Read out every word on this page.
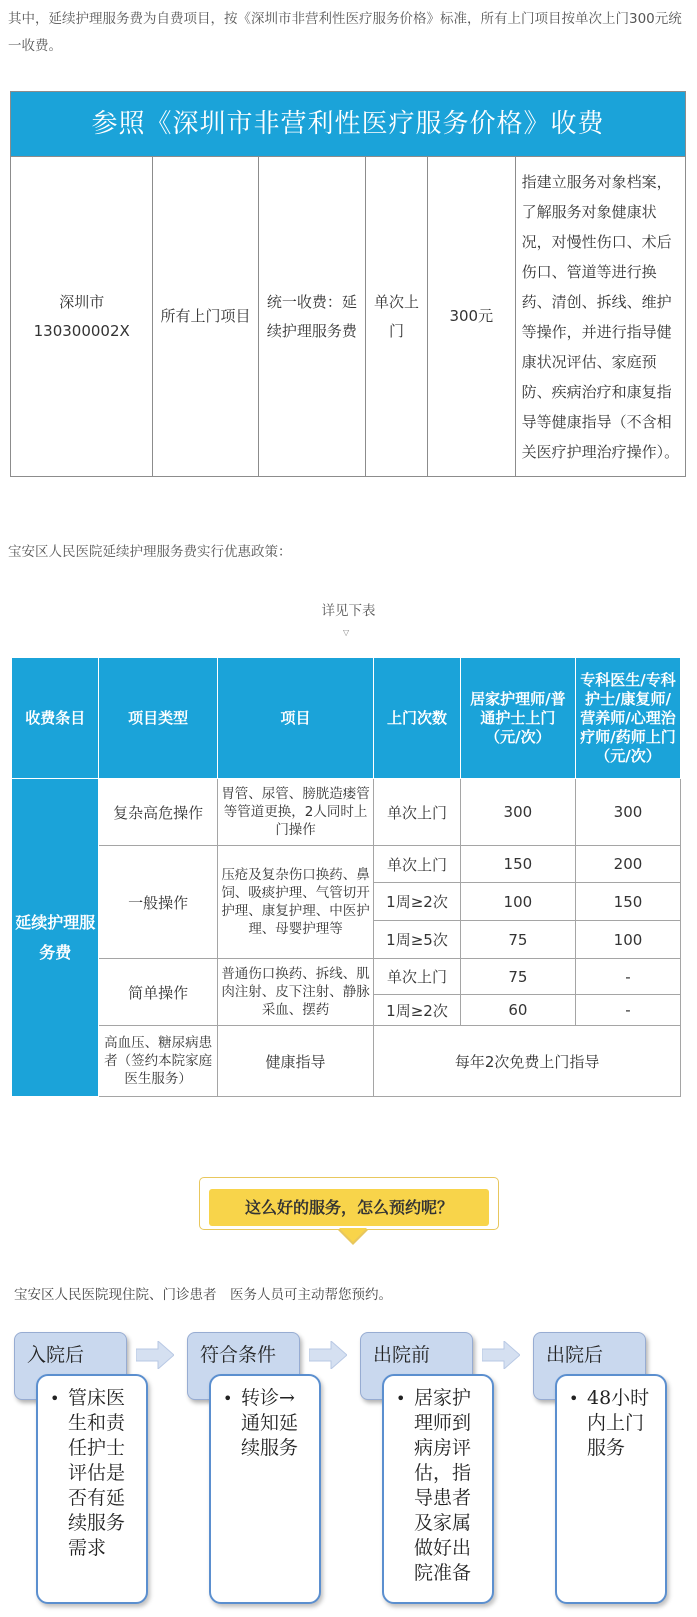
其中，延续护理服务费为自费项目，按《深圳市非营利性医疗服务价格》标准，所有上门项目按单次上门300元统一收费。
参照《深圳市非营利性医疗服务价格》收费
深圳市
130300002X	所有上门项目	统一收费：延续护理服务费	单次上门	300元	指建立服务对象档案，了解服务对象健康状况，对慢性伤口、术后伤口、管道等进行换药、清创、拆线、维护等操作，并进行指导健康状况评估、家庭预防、疾病治疗和康复指导等健康指导（不含相关医疗护理治疗操作）。
宝安区人民医院延续护理服务费实行优惠政策：
详见下表
▽
收费条目	项目类型	项目	上门次数	居家护理师/普通护士上门（元/次）	专科医生/专科护士/康复师/营养师/心理治疗师/药师上门（元/次）
延续护理服务费	复杂高危操作	胃管、尿管、膀胱造瘘管等管道更换，2人同时上门操作	单次上门	300	300
	一般操作	压疮及复杂伤口换药、鼻饲、吸痰护理、气管切开护理、康复护理、中医护理、母婴护理等	单次上门	150	200
			1周≥2次	100	150
			1周≥5次	75	100
	简单操作	普通伤口换药、拆线、肌肉注射、皮下注射、静脉采血、摆药	单次上门	75	-
			1周≥2次	60	-
	高血压、糖尿病患者（签约本院家庭医生服务）	健康指导	每年2次免费上门指导		
这么好的服务，怎么预约呢？
宝安区人民医院现住院、门诊患者　医务人员可主动帮您预约。
入院后
• 管床医生和责任护士评估是否有延续服务需求
符合条件
• 转诊→通知延续服务
出院前
• 居家护理师到病房评估，指导患者及家属做好出院准备
出院后
• 48小时内上门服务
